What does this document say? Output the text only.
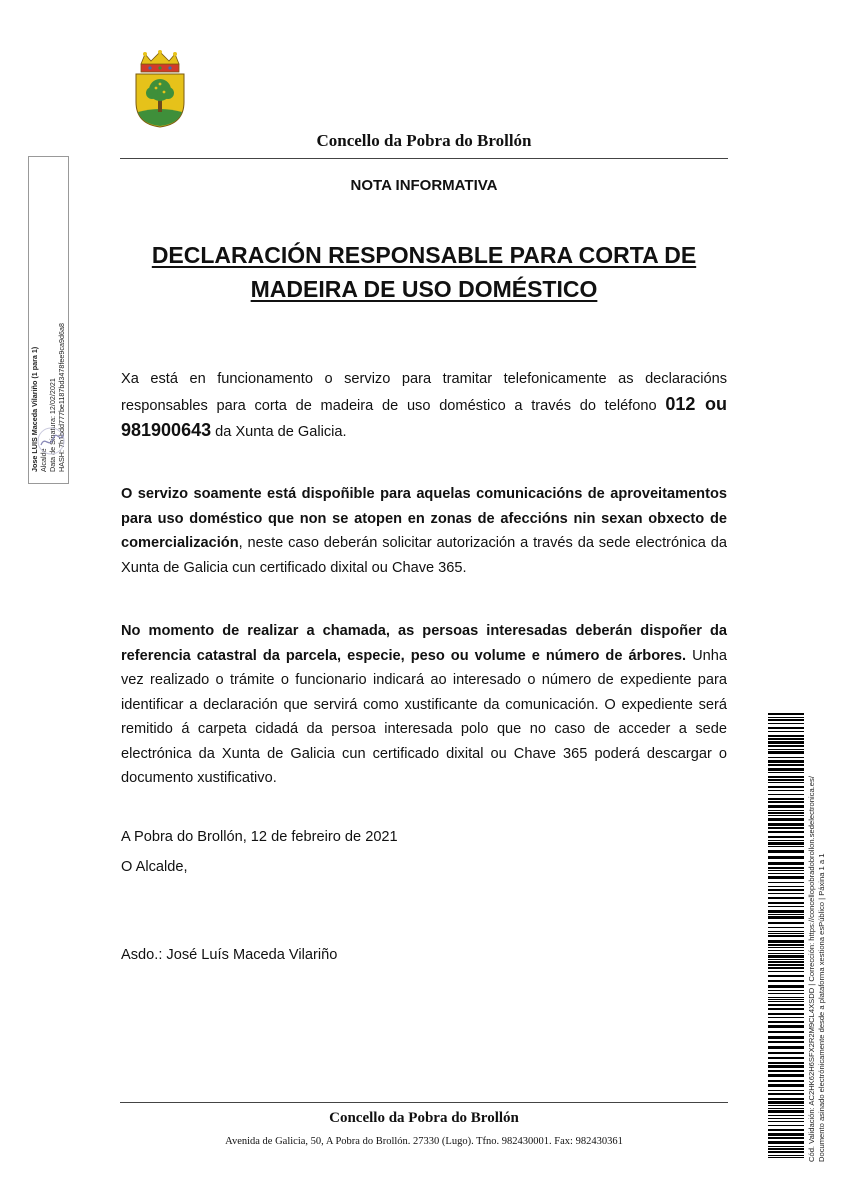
Concello da Pobra do Brollón
NOTA INFORMATIVA
DECLARACIÓN RESPONSABLE PARA CORTA DE
MADEIRA DE USO DOMÉSTICO
Xa está en funcionamento o servizo para tramitar telefonicamente as declaracións responsables para corta de madeira de uso doméstico a través do teléfono 012 ou 981900643 da Xunta de Galicia.
O servizo soamente está dispoñible para aquelas comunicacións de aproveitamentos para uso doméstico que non se atopen en zonas de afeccións nin sexan obxecto de comercialización, neste caso deberán solicitar autorización a través da sede electrónica da Xunta de Galicia cun certificado dixital ou Chave 365.
No momento de realizar a chamada, as persoas interesadas deberán dispoñer da referencia catastral da parcela, especie, peso ou volume e número de árbores. Unha vez realizado o trámite o funcionario indicará ao interesado o número de expediente para identificar a declaración que servirá como xustificante da comunicación. O expediente será remitido á carpeta cidadá da persoa interesada polo que no caso de acceder a sede electrónica da Xunta de Galicia cun certificado dixital ou Chave 365 poderá descargar o documento xustificativo.
A Pobra do Brollón, 12 de febreiro de 2021
O Alcalde,
Asdo.: José Luís Maceda Vilariño
Concello da Pobra do Brollón
Avenida de Galicia, 50, A Pobra do Brollón. 27330 (Lugo). Tfno. 982430001. Fax: 982430361
Jose LUIS Maceda Vilariño (1 para 1) Alcalde Data de Sinatura: 12/02/2021 HASH: 7b1bdd777be1187bd3478fee9ca9d6a8
Cód. Validación: AC2HK62H6SFX2R2M9CL4XSDD | Corrección: https://concellopobradobrollon.sedelectronica.es/ Documento asinado electrónicamente desde a plataforma xestiona esPúblico | Páxina 1 a 1
